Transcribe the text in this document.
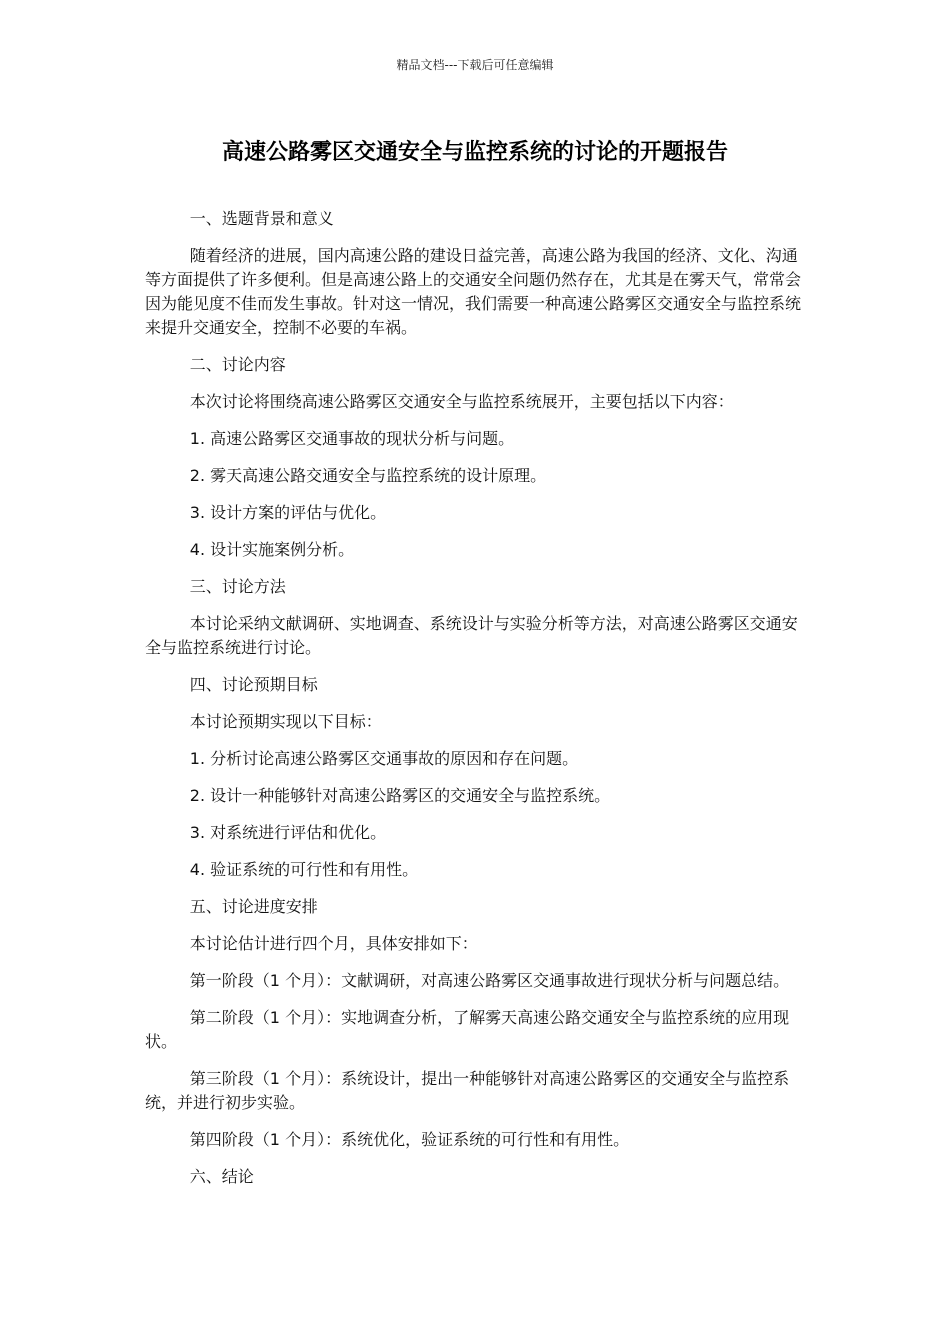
精品文档---下载后可任意编辑
高速公路雾区交通安全与监控系统的讨论的开题报告

一、选题背景和意义

随着经济的进展，国内高速公路的建设日益完善，高速公路为我国的经济、文化、沟通等方面提供了许多便利。但是高速公路上的交通安全问题仍然存在，尤其是在雾天气，常常会因为能见度不佳而发生事故。针对这一情况，我们需要一种高速公路雾区交通安全与监控系统来提升交通安全，控制不必要的车祸。

二、讨论内容

本次讨论将围绕高速公路雾区交通安全与监控系统展开，主要包括以下内容：

1. 高速公路雾区交通事故的现状分析与问题。

2. 雾天高速公路交通安全与监控系统的设计原理。

3. 设计方案的评估与优化。

4. 设计实施案例分析。

三、讨论方法

本讨论采纳文献调研、实地调查、系统设计与实验分析等方法，对高速公路雾区交通安全与监控系统进行讨论。

四、讨论预期目标

本讨论预期实现以下目标：

1. 分析讨论高速公路雾区交通事故的原因和存在问题。

2. 设计一种能够针对高速公路雾区的交通安全与监控系统。

3. 对系统进行评估和优化。

4. 验证系统的可行性和有用性。

五、讨论进度安排

本讨论估计进行四个月，具体安排如下：

第一阶段（1 个月）：文献调研，对高速公路雾区交通事故进行现状分析与问题总结。

第二阶段（1 个月）：实地调查分析，了解雾天高速公路交通安全与监控系统的应用现状。

第三阶段（1 个月）：系统设计，提出一种能够针对高速公路雾区的交通安全与监控系统，并进行初步实验。

第四阶段（1 个月）：系统优化，验证系统的可行性和有用性。

六、结论
